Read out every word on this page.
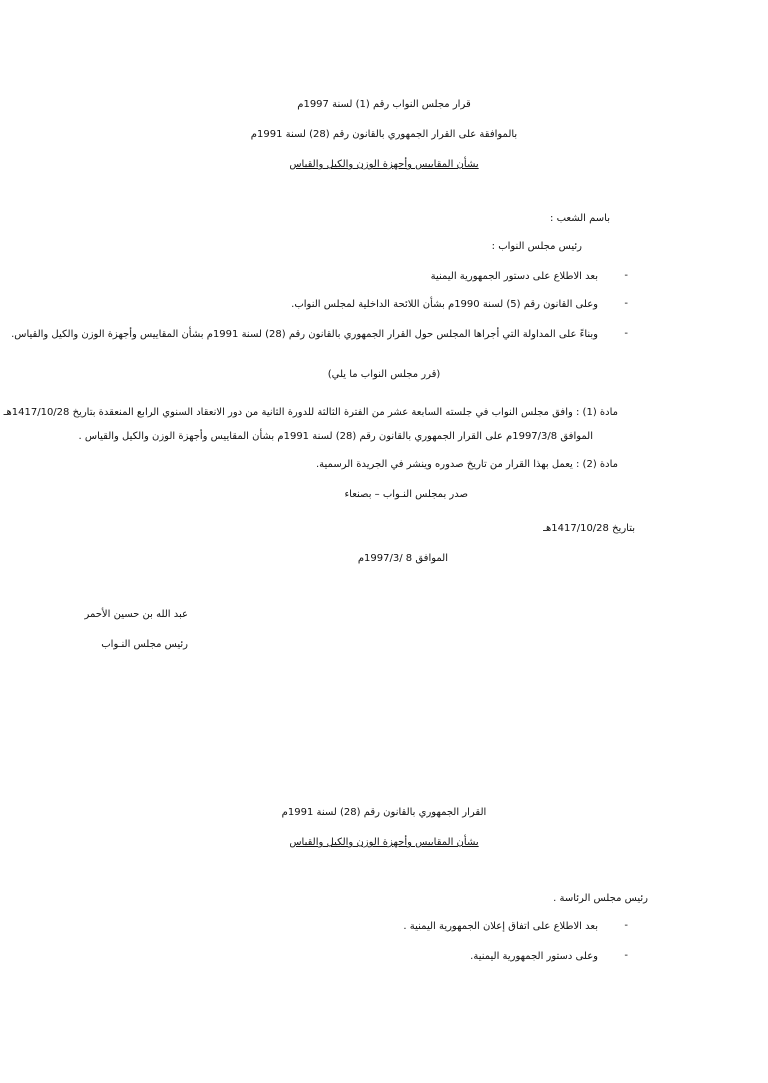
قرار مجلس النواب رقم (1) لسنة 1997م
بالموافقة على القرار الجمهوري بالقانون رقم (28) لسنة 1991م
بشأن المقاييس وأجهزة الوزن والكيل والقياس
باسم الشعب :
رئيس مجلس النواب :
-
بعد الاطلاع على دستور الجمهورية اليمنية
-
وعلى القانون رقم (5) لسنة 1990م بشأن اللائحة الداخلية لمجلس النواب.
-
وبناءً على المداولة التي أجراها المجلس حول القرار الجمهوري بالقانون رقم (28) لسنة 1991م بشأن المقاييس وأجهزة الوزن والكيل والقياس.
(قرر مجلس النواب ما يلي)
مادة (1) : وافق مجلس النواب في جلسته السابعة عشر من الفترة الثالثة للدورة الثانية من دور الانعقاد السنوي الرابع المنعقدة بتاريخ 1417/10/28هـ
الموافق 1997/3/8م على القرار الجمهوري بالقانون رقم (28) لسنة 1991م بشأن المقاييس وأجهزة الوزن والكيل والقياس .
مادة (2) : يعمل بهذا القرار من تاريخ صدوره وينشر في الجريدة الرسمية.
صدر بمجلس النـواب – بصنعاء
بتاريخ 1417/10/28هـ
الموافق 8 /1997/3م
عبد الله بن حسين الأحمر
رئيس مجلس النـواب
القرار الجمهوري بالقانون رقم (28) لسنة 1991م
بشأن المقاييس وأجهزة الوزن والكيل والقياس
رئيس مجلس الرئاسة .
-
بعد الاطلاع على اتفاق إعلان الجمهورية اليمنية .
-
وعلى دستور الجمهورية اليمنية.
